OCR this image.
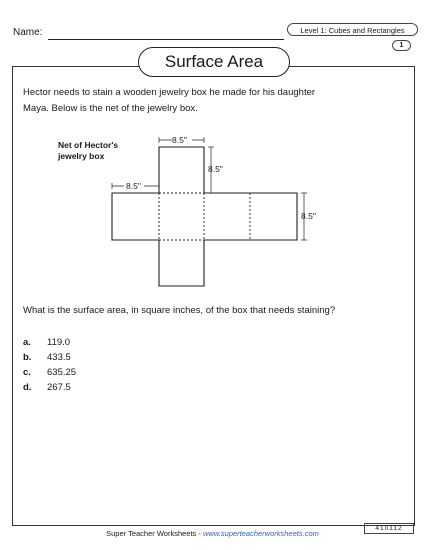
Name:	Level 1: Cubes and Rectangles
1
Surface Area
Hector needs to stain a wooden jewelry box he made for his daughter
Maya. Below is the net of the jewelry box.
Net of Hector's
jewelry box
8.5"
8.5"
8.5"
8.5"
What is the surface area, in square inches, of the box that needs staining?
a. 119.0
b. 433.5
c. 635.25
d. 267.5
Super Teacher Worksheets - www.superteacherworksheets.com
410112
